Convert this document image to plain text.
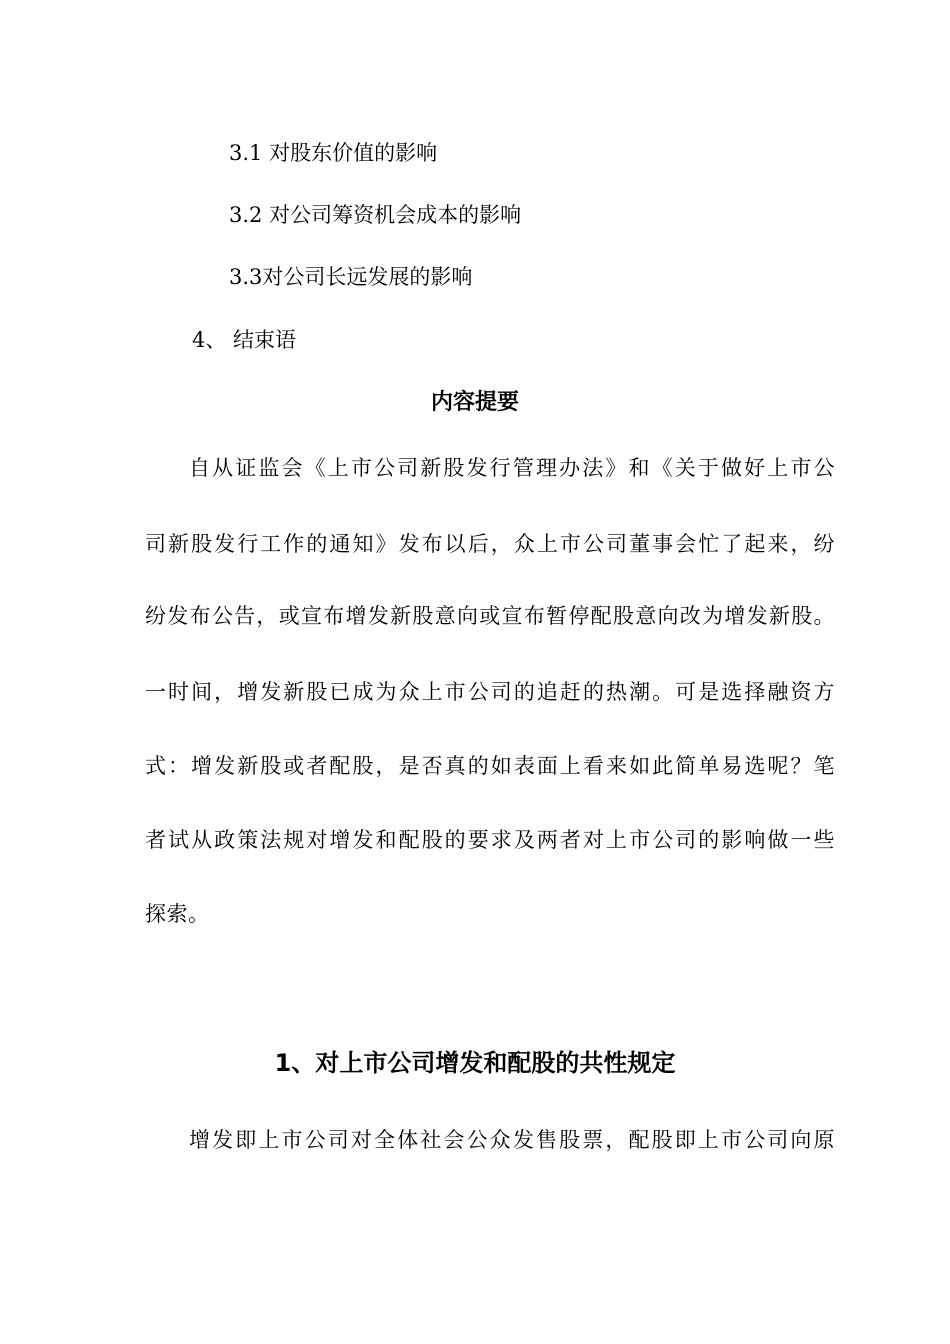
3.1 对股东价值的影响
3.2 对公司筹资机会成本的影响
3.3对公司长远发展的影响
4、 结束语
内容提要
自从证监会《上市公司新股发行管理办法》和《关于做好上市公
司新股发行工作的通知》发布以后，众上市公司董事会忙了起来，纷
纷发布公告，或宣布增发新股意向或宣布暂停配股意向改为增发新股。
一时间，增发新股已成为众上市公司的追赶的热潮。可是选择融资方
式：增发新股或者配股，是否真的如表面上看来如此简单易选呢？笔
者试从政策法规对增发和配股的要求及两者对上市公司的影响做一些
探索。
1、对上市公司增发和配股的共性规定
增发即上市公司对全体社会公众发售股票，配股即上市公司向原
